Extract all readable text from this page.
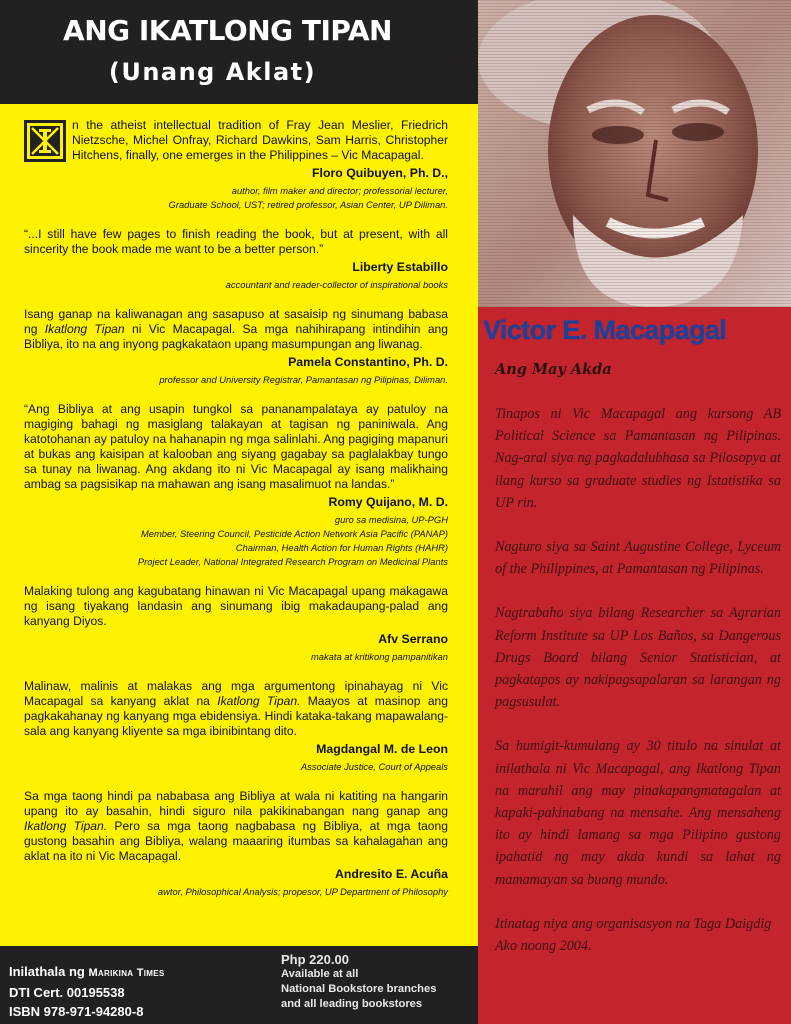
ANG IKATLONG TIPAN
(Unang Aklat)

n the atheist intellectual tradition of Fray Jean Meslier, Friedrich Nietzsche, Michel Onfray, Richard Dawkins, Sam Harris, Christopher Hitchens, finally, one emerges in the Philippines – Vic Macapagal.

Floro Quibuyen, Ph. D.,
author, film maker and director; professorial lecturer,
Graduate School, UST; retired professor, Asian Center, UP Diliman.

“...I still have few pages to finish reading the book, but at present, with all sincerity the book made me want to be a better person.”

Liberty Estabillo
accountant and reader-collector of inspirational books

Isang ganap na kaliwanagan ang sasapuso at sasaisip ng sinumang babasa ng Ikatlong Tipan ni Vic Macapagal. Sa mga nahihirapang intindihin ang Bibliya, ito na ang inyong pagkakataon upang masumpungan ang liwanag.

Pamela Constantino, Ph. D.
professor and University Registrar, Pamantasan ng Pilipinas, Diliman.

“Ang Bibliya at ang usapin tungkol sa pananampalataya ay patuloy na magiging bahagi ng masiglang talakayan at tagisan ng paniniwala. Ang katotohanan ay patuloy na hahanapin ng mga salinlahi. Ang pagiging mapanuri at bukas ang kaisipan at kalooban ang siyang gagabay sa paglalakbay tungo sa tunay na liwanag. Ang akdang ito ni Vic Macapagal ay isang malikhaing ambag sa pagsisikap na mahawan ang isang masalimuot na landas.”

Romy Quijano, M. D.
guro sa medisina, UP-PGH
Member, Steering Council, Pesticide Action Network Asia Pacific (PANAP)
Chairman, Health Action for Human Rights (HAHR)
Project Leader, National Integrated Research Program on Medicinal Plants

Malaking tulong ang kagubatang hinawan ni Vic Macapagal upang makagawa ng isang tiyakang landasin ang sinumang ibig makadaupang-palad ang kanyang Diyos.

Afv Serrano
makata at kritikong pampanitikan

Malinaw, malinis at malakas ang mga argumentong ipinahayag ni Vic Macapagal sa kanyang aklat na Ikatlong Tipan. Maayos at masinop ang pagkakahanay ng kanyang mga ebidensiya. Hindi kataka-takang mapawalang-sala ang kanyang kliyente sa mga ibinibintang dito.

Magdangal M. de Leon
Associate Justice, Court of Appeals

Sa mga taong hindi pa nababasa ang Bibliya at wala ni katiting na hangarin upang ito ay basahin, hindi siguro nila pakikinabangan nang ganap ang Ikatlong Tipan. Pero sa mga taong nagbabasa ng Bibliya, at mga taong gustong basahin ang Bibliya, walang maaaring itumbas sa kahalagahan ang aklat na ito ni Vic Macapagal.

Andresito E. Acuña
awtor, Philosophical Analysis; propesor, UP Department of Philosophy
Inilathala ng Marikina Times
DTI Cert. 00195538
ISBN 978-971-94280-8
Php 220.00
Available at all
National Bookstore branches
and all leading bookstores
Victor E. Macapagal
Ang May Akda

Tinapos ni Vic Macapagal ang kursong AB Political Science sa Pamantasan ng Pilipinas. Nag-aral siya ng pagkadalubhasa sa Pilosopya at ilang kurso sa graduate studies ng Istatistika sa UP rin.

Nagturo siya sa Saint Augustine College, Lyceum of the Philippines, at Pamantasan ng Pilipinas.

Nagtrabaho siya bilang Researcher sa Agrarian Reform Institute sa UP Los Baños, sa Dangerous Drugs Board bilang Senior Statistician, at pagkatapos ay nakipagsapalaran sa larangan ng pagsusulat.

Sa humigit-kumulang ay 30 titulo na sinulat at inilathala ni Vic Macapagal, ang Ikatlong Tipan na marahil ang may pinakapangmatagalan at kapaki-pakinabang na mensahe. Ang mensaheng ito ay hindi lamang sa mga Pilipino gustong ipahatid ng may akda kundi sa lahat ng mamamayan sa buong mundo.

Itinatag niya ang organisasyon na Taga Daigdig Ako noong 2004.
